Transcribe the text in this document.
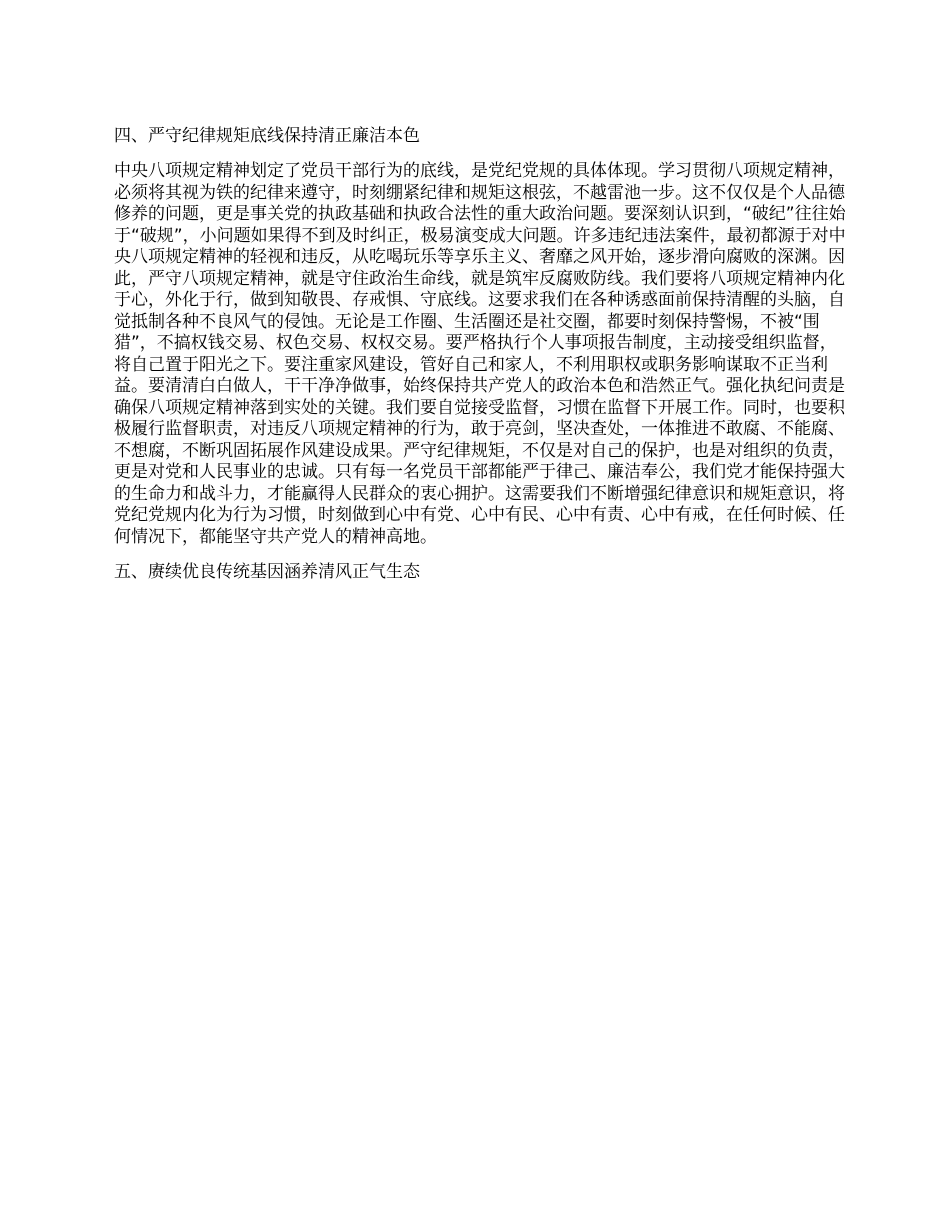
四、严守纪律规矩底线保持清正廉洁本色

中央八项规定精神划定了党员干部行为的底线，是党纪党规的具体体现。学习贯彻八项规定精神，必须将其视为铁的纪律来遵守，时刻绷紧纪律和规矩这根弦，不越雷池一步。这不仅仅是个人品德修养的问题，更是事关党的执政基础和执政合法性的重大政治问题。要深刻认识到，“破纪”往往始于“破规”，小问题如果得不到及时纠正，极易演变成大问题。许多违纪违法案件，最初都源于对中央八项规定精神的轻视和违反，从吃喝玩乐等享乐主义、奢靡之风开始，逐步滑向腐败的深渊。因此，严守八项规定精神，就是守住政治生命线，就是筑牢反腐败防线。我们要将八项规定精神内化于心，外化于行，做到知敬畏、存戒惧、守底线。这要求我们在各种诱惑面前保持清醒的头脑，自觉抵制各种不良风气的侵蚀。无论是工作圈、生活圈还是社交圈，都要时刻保持警惕，不被“围猎”，不搞权钱交易、权色交易、权权交易。要严格执行个人事项报告制度，主动接受组织监督，将自己置于阳光之下。要注重家风建设，管好自己和家人，不利用职权或职务影响谋取不正当利益。要清清白白做人，干干净净做事，始终保持共产党人的政治本色和浩然正气。强化执纪问责是确保八项规定精神落到实处的关键。我们要自觉接受监督，习惯在监督下开展工作。同时，也要积极履行监督职责，对违反八项规定精神的行为，敢于亮剑，坚决查处，一体推进不敢腐、不能腐、不想腐，不断巩固拓展作风建设成果。严守纪律规矩，不仅是对自己的保护，也是对组织的负责，更是对党和人民事业的忠诚。只有每一名党员干部都能严于律己、廉洁奉公，我们党才能保持强大的生命力和战斗力，才能赢得人民群众的衷心拥护。这需要我们不断增强纪律意识和规矩意识，将党纪党规内化为行为习惯，时刻做到心中有党、心中有民、心中有责、心中有戒，在任何时候、任何情况下，都能坚守共产党人的精神高地。

五、赓续优良传统基因涵养清风正气生态
